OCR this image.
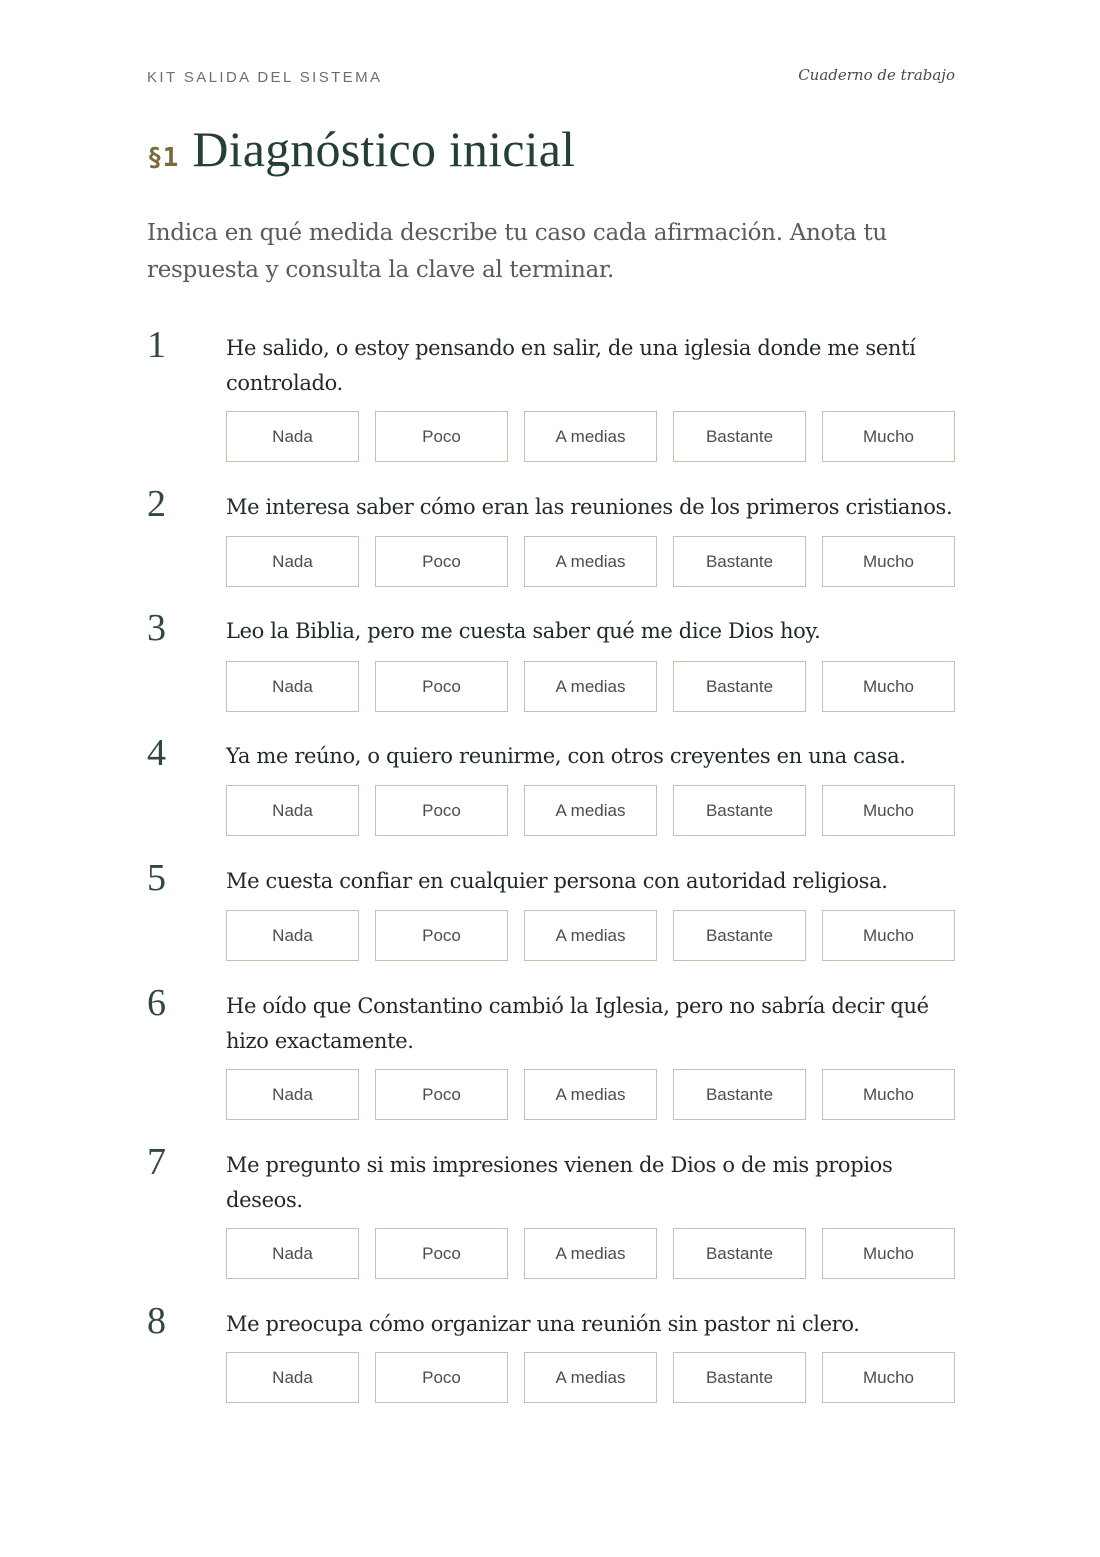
KIT SALIDA DEL SISTEMA	Cuaderno de trabajo
§1 Diagnóstico inicial

Indica en qué medida describe tu caso cada afirmación. Anota tu respuesta y consulta la clave al terminar.

1	He salido, o estoy pensando en salir, de una iglesia donde me sentí controlado.

Nada	Poco	A medias	Bastante	Mucho
2	Me interesa saber cómo eran las reuniones de los primeros cristianos.

Nada	Poco	A medias	Bastante	Mucho
3	Leo la Biblia, pero me cuesta saber qué me dice Dios hoy.

Nada	Poco	A medias	Bastante	Mucho
4	Ya me reúno, o quiero reunirme, con otros creyentes en una casa.

Nada	Poco	A medias	Bastante	Mucho
5	Me cuesta confiar en cualquier persona con autoridad religiosa.

Nada	Poco	A medias	Bastante	Mucho
6	He oído que Constantino cambió la Iglesia, pero no sabría decir qué hizo exactamente.

Nada	Poco	A medias	Bastante	Mucho
7	Me pregunto si mis impresiones vienen de Dios o de mis propios deseos.

Nada	Poco	A medias	Bastante	Mucho
8	Me preocupa cómo organizar una reunión sin pastor ni clero.

Nada	Poco	A medias	Bastante	Mucho
